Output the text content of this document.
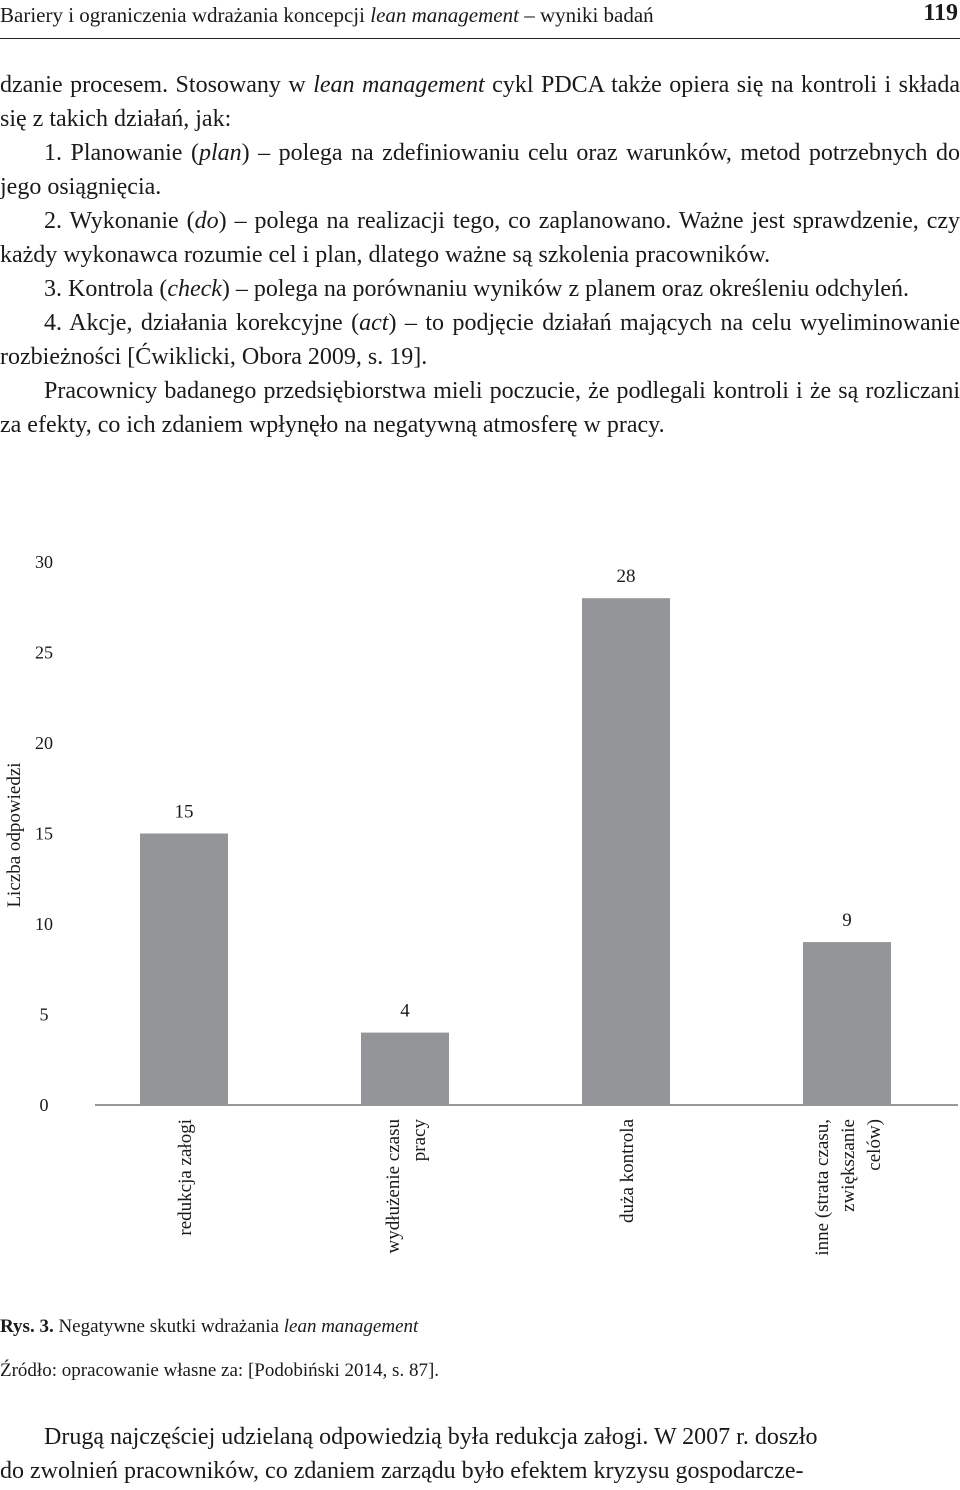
Bariery i ograniczenia wdrażania koncepcji lean management – wyniki badań	119

dzanie procesem. Stosowany w lean management cykl PDCA także opiera się na kontroli i składa się z takich działań, jak:

1. Planowanie (plan) – polega na zdefiniowaniu celu oraz warunków, metod potrzebnych do jego osiągnięcia.

2. Wykonanie (do) – polega na realizacji tego, co zaplanowano. Ważne jest sprawdzenie, czy każdy wykonawca rozumie cel i plan, dlatego ważne są szkolenia pracowników.

3. Kontrola (check) – polega na porównaniu wyników z planem oraz określeniu odchyleń.

4. Akcje, działania korekcyjne (act) – to podjęcie działań mających na celu wyeliminowanie rozbieżności [Ćwiklicki, Obora 2009, s. 19].

Pracownicy badanego przedsiębiorstwa mieli poczucie, że podlegali kontroli i że są rozliczani za efekty, co ich zdaniem wpłynęło na negatywną atmosferę w pracy.

0
5
10
15
20
25
30
15
4
28
9
redukcja załogi	wydłużenie czasu pracy	duża kontrola	inne (strata czasu, zwiększanie celów)
Liczba odpowiedzi
Rys. 3. Negatywne skutki wdrażania lean management
Źródło: opracowanie własne za: [Podobiński 2014, s. 87].

Drugą najczęściej udzielaną odpowiedzią była redukcja załogi. W 2007 r. doszło

do zwolnień pracowników, co zdaniem zarządu było efektem kryzysu gospodarcze-
